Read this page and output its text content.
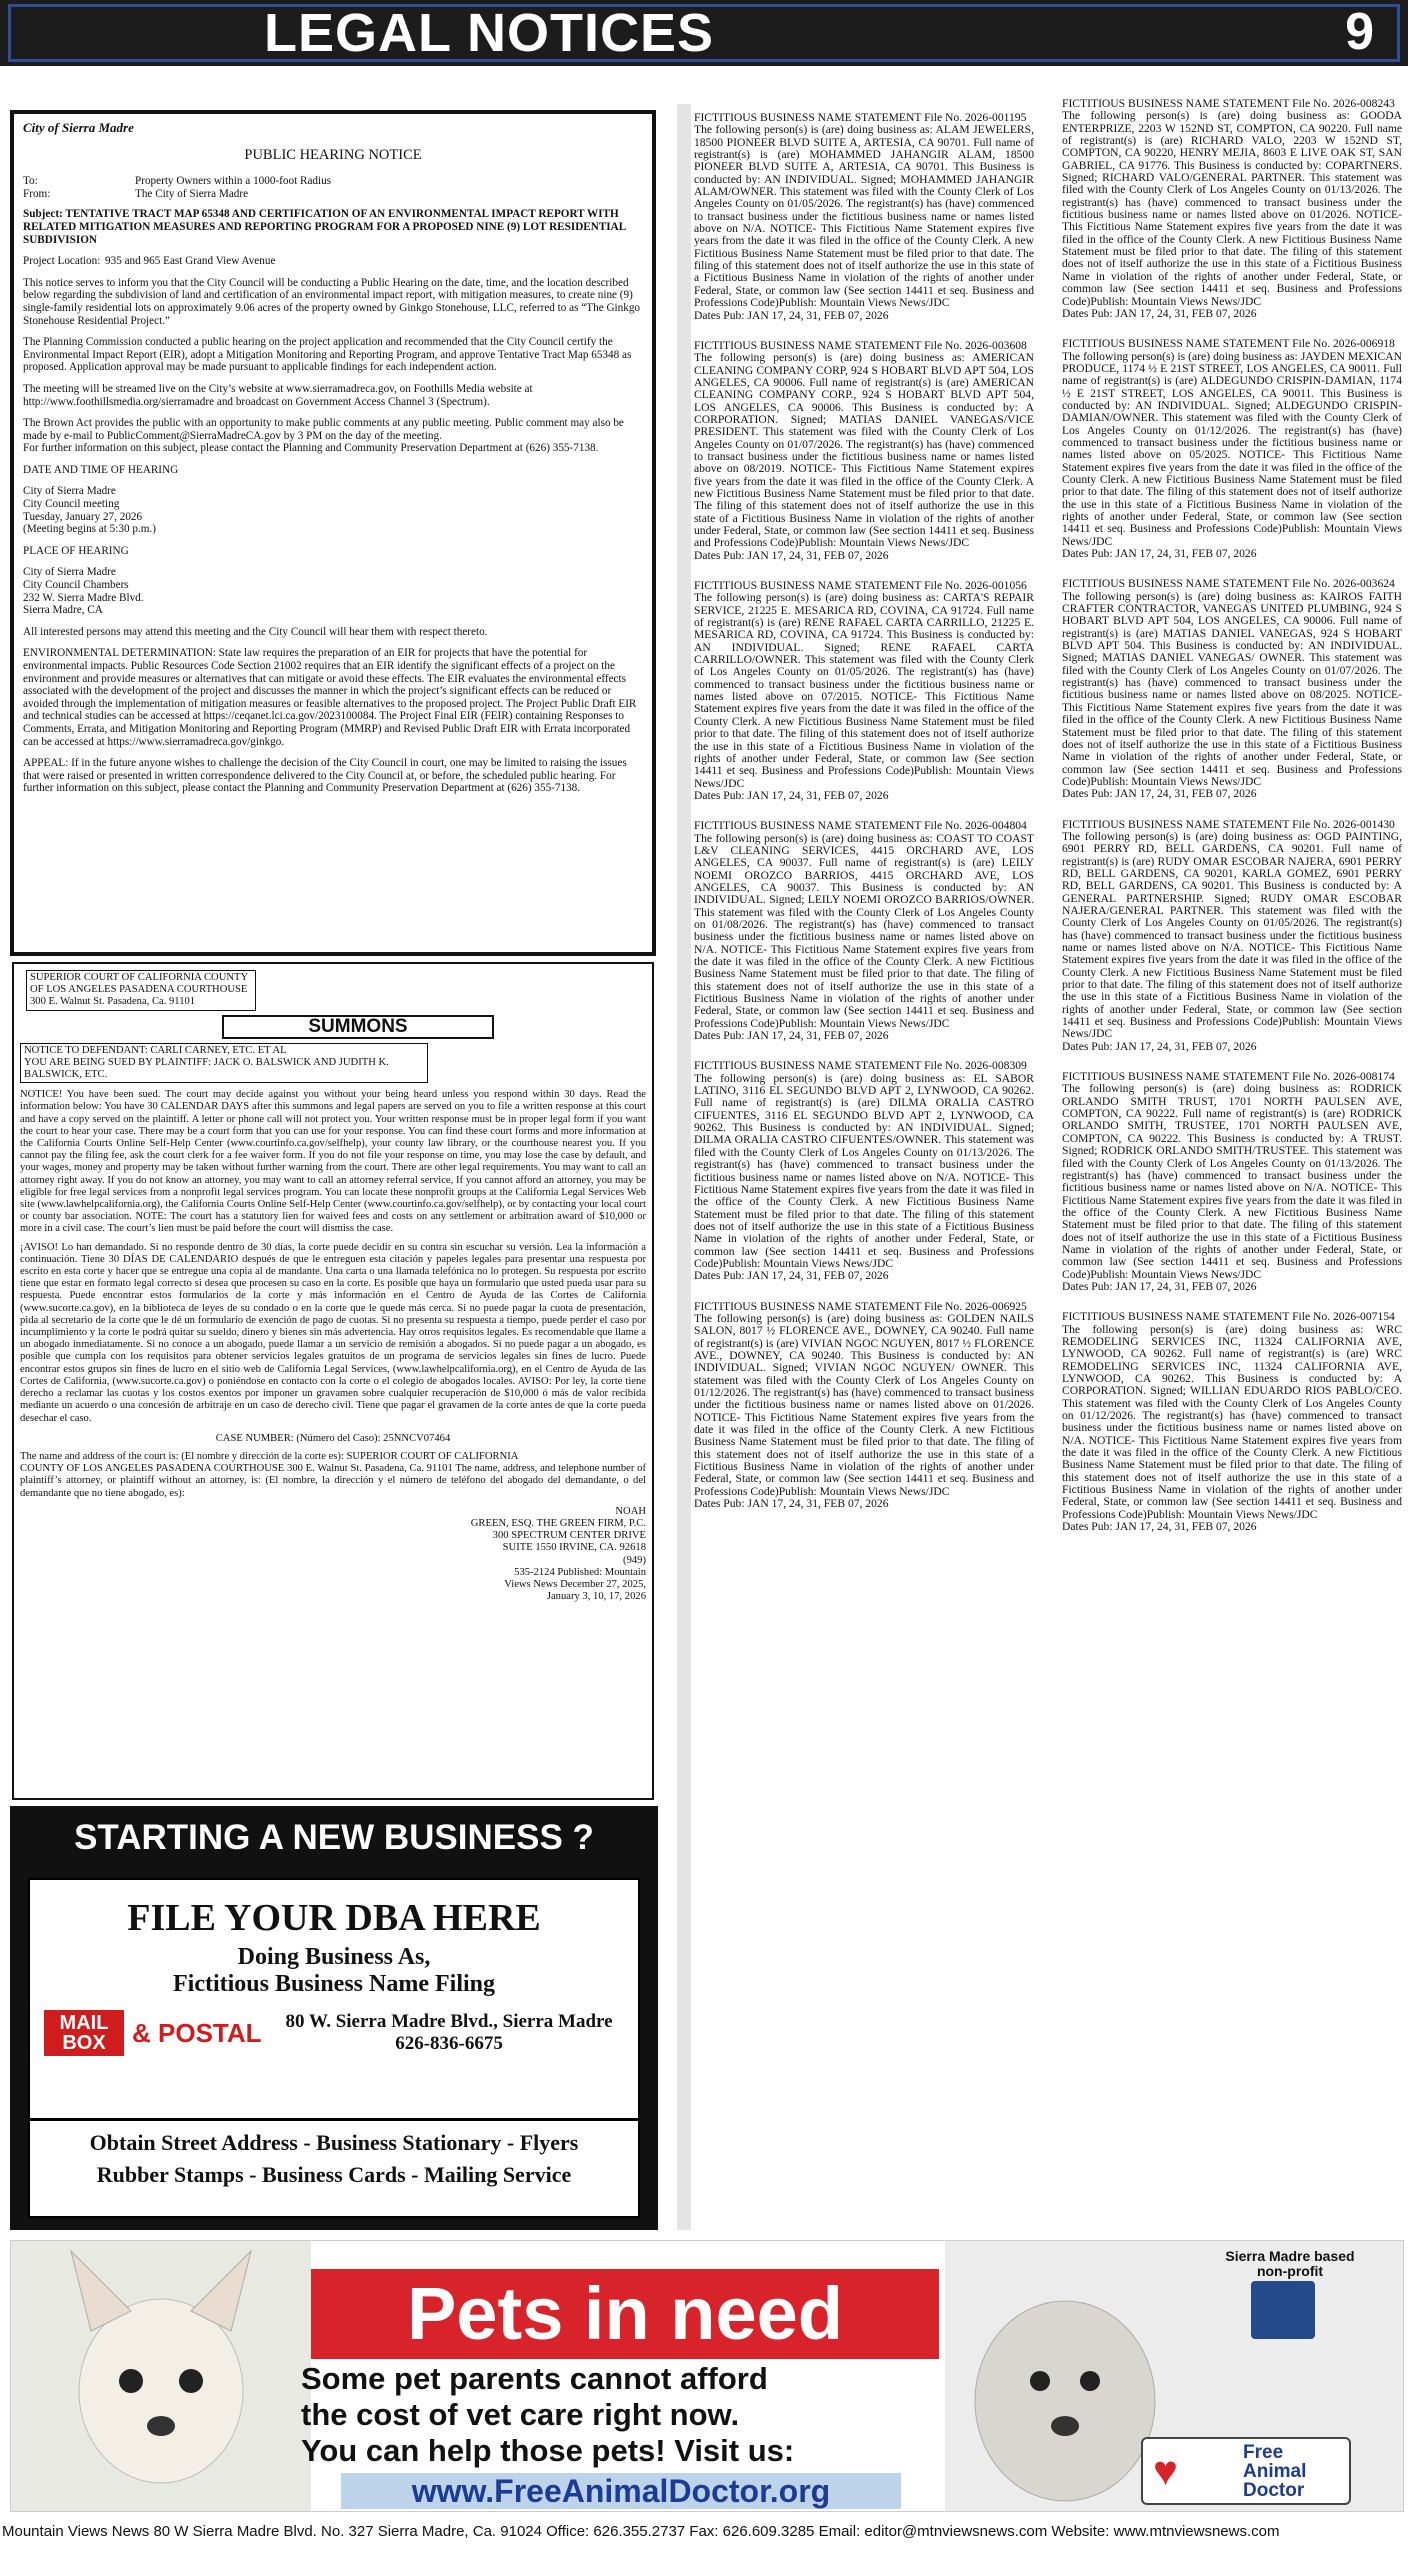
LEGAL NOTICES	9
City of Sierra Madre
PUBLIC HEARING NOTICE
To:	Property Owners within a 1000-foot Radius
From:	The City of Sierra Madre
Subject: TENTATIVE TRACT MAP 65348 AND CERTIFICATION OF AN ENVIRONMENTAL IMPACT REPORT WITH RELATED MITIGATION MEASURES AND REPORTING PROGRAM FOR A PROPOSED NINE (9) LOT RESIDENTIAL SUBDIVISION
Project Location: 935 and 965 East Grand View Avenue

This notice serves to inform you that the City Council will be conducting a Public Hearing on the date, time, and the location described below regarding the subdivision of land and certification of an environmental impact report, with mitigation measures, to create nine (9) single-family residential lots on approximately 9.06 acres of the property owned by Ginkgo Stonehouse, LLC, referred to as “The Ginkgo Stonehouse Residential Project.”

The Planning Commission conducted a public hearing on the project application and recommended that the City Council certify the Environmental Impact Report (EIR), adopt a Mitigation Monitoring and Reporting Program, and approve Tentative Tract Map 65348 as proposed. Application approval may be made pursuant to applicable findings for each independent action.

The meeting will be streamed live on the City’s website at www.sierramadreca.gov, on Foothills Media website at http://www.foothillsmedia.org/sierramadre and broadcast on Government Access Channel 3 (Spectrum).

The Brown Act provides the public with an opportunity to make public comments at any public meeting. Public comment may also be made by e-mail to PublicComment@SierraMadreCA.gov by 3 PM on the day of the meeting.
For further information on this subject, please contact the Planning and Community Preservation Department at (626) 355-7138.

DATE AND TIME OF HEARING

City of Sierra Madre
City Council meeting
Tuesday, January 27, 2026
(Meeting begins at 5:30 p.m.)

PLACE OF HEARING

City of Sierra Madre
City Council Chambers
232 W. Sierra Madre Blvd.
Sierra Madre, CA

All interested persons may attend this meeting and the City Council will hear them with respect thereto.

ENVIRONMENTAL DETERMINATION: State law requires the preparation of an EIR for projects that have the potential for environmental impacts. Public Resources Code Section 21002 requires that an EIR identify the significant effects of a project on the environment and provide measures or alternatives that can mitigate or avoid these effects. The EIR evaluates the environmental effects associated with the development of the project and discusses the manner in which the project’s significant effects can be reduced or avoided through the implementation of mitigation measures or feasible alternatives to the proposed project. The Project Public Draft EIR and technical studies can be accessed at https://ceqanet.lci.ca.gov/2023100084. The Project Final EIR (FEIR) containing Responses to Comments, Errata, and Mitigation Monitoring and Reporting Program (MMRP) and Revised Public Draft EIR with Errata incorporated can be accessed at https://www.sierramadreca.gov/ginkgo.

APPEAL: If in the future anyone wishes to challenge the decision of the City Council in court, one may be limited to raising the issues that were raised or presented in written correspondence delivered to the City Council at, or before, the scheduled public hearing. For further information on this subject, please contact the Planning and Community Preservation Department at (626) 355-7138.

SUPERIOR COURT OF CALIFORNIA COUNTY OF LOS ANGELES PASADENA COURTHOUSE 300 E. Walnut St. Pasadena, Ca. 91101
SUMMONS
NOTICE TO DEFENDANT: CARLI CARNEY, ETC. ET AL
YOU ARE BEING SUED BY PLAINTIFF: JACK O. BALSWICK AND JUDITH K. BALSWICK, ETC.

NOTICE! You have been sued. The court may decide against you without your being heard unless you respond within 30 days. Read the information below: You have 30 CALENDAR DAYS after this summons and legal papers are served on you to file a written response at this court and have a copy served on the plaintiff. A letter or phone call will not protect you. Your written response must be in proper legal form if you want the court to hear your case. There may be a court form that you can use for your response. You can find these court forms and more information at the California Courts Online Self-Help Center (www.courtinfo.ca.gov/selfhelp), your county law library, or the courthouse nearest you. If you cannot pay the filing fee, ask the court clerk for a fee waiver form. If you do not file your response on time, you may lose the case by default, and your wages, money and property may be taken without further warning from the court. There are other legal requirements. You may want to call an attorney right away. If you do not know an attorney, you may want to call an attorney referral service, If you cannot afford an attorney, you may be eligible for free legal services from a nonprofit legal services program. You can locate these nonprofit groups at the California Legal Services Web site (www.lawhelpcalifornia.org), the California Courts Online Self-Help Center (www.courtinfo.ca.gov/selfhelp), or by contacting your local court or county bar association. NOTE: The court has a statutory lien for waived fees and costs on any settlement or arbitration award of $10,000 or more in a civil case. The court’s lien must be paid before the court will dismiss the case.

¡AVISO! Lo han demandado. Si no responde dentro de 30 días, la corte puede decidir en su contra sin escuchar su versión. Lea la información a continuación. Tiene 30 DÍAS DE CALENDARIO después de que le entreguen esta citación y papeles legales para presentar una respuesta por escrito en esta corte y hacer que se entregue una copia al de mandante. Una carta o una llamada telefónica no lo protegen. Su respuesta por escrito tiene que estar en formato legal correcto si desea que procesen su caso en la corte. Es posible que haya un formulario que usted pueda usar para su respuesta. Puede encontrar estos formularios de la corte y más información en el Centro de Ayuda de las Cortes de California (www.sucorte.ca.gov), en la biblioteca de leyes de su condado o en la corte que le quede más cerca. Si no puede pagar la cuota de presentación, pida al secretario de la corte que le dé un formulario de exención de pago de cuotas. Si no presenta su respuesta a tiempo, puede perder el caso por incumplimiento y la corte le podrá quitar su sueldo, dinero y bienes sin más advertencia. Hay otros requisitos legales. Es recomendable que llame a un abogado inmediatamente. Si no conoce a un abogado, puede llamar a un servicio de remisión a abogados. Si no puede pagar a un abogado, es posible que cumpla con los requisitos para obtener servicios legales gratuitos de un programa de servicios legales sin fines de lucro. Puede encontrar estos grupos sin fines de lucro en el sitio web de California Legal Services, (www.lawhelpcalifornia.org), en el Centro de Ayuda de las Cortes de California, (www.sucorte.ca.gov) o poniéndose en contacto con la corte o el colegio de abogados locales. AVISO: Por ley, la corte tiene derecho a reclamar las cuotas y los costos exentos por imponer un gravamen sobre cualquier recuperación de $10,000 ó más de valor recibida mediante un acuerdo o una concesión de arbitraje en un caso de derecho civil. Tiene que pagar el gravamen de la corte antes de que la corte pueda desechar el caso.

CASE NUMBER: (Número del Caso): 25NNCV07464

The name and address of the court is: (El nombre y dirección de la corte es): SUPERIOR COURT OF CALIFORNIA
COUNTY OF LOS ANGELES PASADENA COURTHOUSE 300 E. Walnut St. Pasadena, Ca. 91101 The name, address, and telephone number of plaintiff’s attorney, or plaintiff without an attorney, is: (El nombre, la dirección y el número de teléfono del abogado del demandante, o del demandante que no tiene abogado, es):

NOAH
GREEN, ESQ. THE GREEN FIRM, P.C.
300 SPECTRUM CENTER DRIVE
SUITE 1550 IRVINE, CA. 92618
(949)
535-2124 Published: Mountain
Views News December 27, 2025,
January 3, 10, 17, 2026
STARTING A NEW BUSINESS ?
FILE YOUR DBA HERE
Doing Business As,
Fictitious Business Name Filing
MAIL BOX	& POSTAL 80 W. Sierra Madre Blvd., Sierra Madre
626-836-6675
Obtain Street Address - Business Stationary - Flyers
Rubber Stamps - Business Cards - Mailing Service
FICTITIOUS BUSINESS NAME STATEMENT File No. 2026-001195
The following person(s) is (are) doing business as: ALAM JEWELERS, 18500 PIONEER BLVD SUITE A, ARTESIA, CA 90701. Full name of registrant(s) is (are) MOHAMMED JAHANGIR ALAM, 18500 PIONEER BLVD SUITE A, ARTESIA, CA 90701. This Business is conducted by: AN INDIVIDUAL. Signed; MOHAMMED JAHANGIR ALAM/OWNER. This statement was filed with the County Clerk of Los Angeles County on 01/05/2026. The registrant(s) has (have) commenced to transact business under the fictitious business name or names listed above on N/A. NOTICE- This Fictitious Name Statement expires five years from the date it was filed in the office of the County Clerk. A new Fictitious Business Name Statement must be filed prior to that date. The filing of this statement does not of itself authorize the use in this state of a Fictitious Business Name in violation of the rights of another under Federal, State, or common law (See section 14411 et seq. Business and Professions Code)Publish: Mountain Views News/JDC
Dates Pub: JAN 17, 24, 31, FEB 07, 2026
FICTITIOUS BUSINESS NAME STATEMENT File No. 2026-003608
The following person(s) is (are) doing business as: AMERICAN CLEANING COMPANY CORP, 924 S HOBART BLVD APT 504, LOS ANGELES, CA 90006. Full name of registrant(s) is (are) AMERICAN CLEANING COMPANY CORP., 924 S HOBART BLVD APT 504, LOS ANGELES, CA 90006. This Business is conducted by: A CORPORATION. Signed; MATIAS DANIEL VANEGAS/VICE PRESIDENT. This statement was filed with the County Clerk of Los Angeles County on 01/07/2026. The registrant(s) has (have) commenced to transact business under the fictitious business name or names listed above on 08/2019. NOTICE- This Fictitious Name Statement expires five years from the date it was filed in the office of the County Clerk. A new Fictitious Business Name Statement must be filed prior to that date. The filing of this statement does not of itself authorize the use in this state of a Fictitious Business Name in violation of the rights of another under Federal, State, or common law (See section 14411 et seq. Business and Professions Code)Publish: Mountain Views News/JDC
Dates Pub: JAN 17, 24, 31, FEB 07, 2026
FICTITIOUS BUSINESS NAME STATEMENT File No. 2026-001056
The following person(s) is (are) doing business as: CARTA'S REPAIR SERVICE, 21225 E. MESARICA RD, COVINA, CA 91724. Full name of registrant(s) is (are) RENE RAFAEL CARTA CARRILLO, 21225 E. MESARICA RD, COVINA, CA 91724. This Business is conducted by: AN INDIVIDUAL. Signed; RENE RAFAEL CARTA CARRILLO/OWNER. This statement was filed with the County Clerk of Los Angeles County on 01/05/2026. The registrant(s) has (have) commenced to transact business under the fictitious business name or names listed above on 07/2015. NOTICE- This Fictitious Name Statement expires five years from the date it was filed in the office of the County Clerk. A new Fictitious Business Name Statement must be filed prior to that date. The filing of this statement does not of itself authorize the use in this state of a Fictitious Business Name in violation of the rights of another under Federal, State, or common law (See section 14411 et seq. Business and Professions Code)Publish: Mountain Views News/JDC
Dates Pub: JAN 17, 24, 31, FEB 07, 2026
FICTITIOUS BUSINESS NAME STATEMENT File No. 2026-004804
The following person(s) is (are) doing business as: COAST TO COAST L&V CLEANING SERVICES, 4415 ORCHARD AVE, LOS ANGELES, CA 90037. Full name of registrant(s) is (are) LEILY NOEMI OROZCO BARRIOS, 4415 ORCHARD AVE, LOS ANGELES, CA 90037. This Business is conducted by: AN INDIVIDUAL. Signed; LEILY NOEMI OROZCO BARRIOS/OWNER. This statement was filed with the County Clerk of Los Angeles County on 01/08/2026. The registrant(s) has (have) commenced to transact business under the fictitious business name or names listed above on N/A. NOTICE- This Fictitious Name Statement expires five years from the date it was filed in the office of the County Clerk. A new Fictitious Business Name Statement must be filed prior to that date. The filing of this statement does not of itself authorize the use in this state of a Fictitious Business Name in violation of the rights of another under Federal, State, or common law (See section 14411 et seq. Business and Professions Code)Publish: Mountain Views News/JDC
Dates Pub: JAN 17, 24, 31, FEB 07, 2026
FICTITIOUS BUSINESS NAME STATEMENT File No. 2026-008309
The following person(s) is (are) doing business as: EL SABOR LATINO, 3116 EL SEGUNDO BLVD APT 2, LYNWOOD, CA 90262. Full name of registrant(s) is (are) DILMA ORALIA CASTRO CIFUENTES, 3116 EL SEGUNDO BLVD APT 2, LYNWOOD, CA 90262. This Business is conducted by: AN INDIVIDUAL. Signed; DILMA ORALIA CASTRO CIFUENTES/OWNER. This statement was filed with the County Clerk of Los Angeles County on 01/13/2026. The registrant(s) has (have) commenced to transact business under the fictitious business name or names listed above on N/A. NOTICE- This Fictitious Name Statement expires five years from the date it was filed in the office of the County Clerk. A new Fictitious Business Name Statement must be filed prior to that date. The filing of this statement does not of itself authorize the use in this state of a Fictitious Business Name in violation of the rights of another under Federal, State, or common law (See section 14411 et seq. Business and Professions Code)Publish: Mountain Views News/JDC
Dates Pub: JAN 17, 24, 31, FEB 07, 2026
FICTITIOUS BUSINESS NAME STATEMENT File No. 2026-006925
The following person(s) is (are) doing business as: GOLDEN NAILS SALON, 8017 ½ FLORENCE AVE., DOWNEY, CA 90240. Full name of registrant(s) is (are) VIVIAN NGOC NGUYEN, 8017 ½ FLORENCE AVE., DOWNEY, CA 90240. This Business is conducted by: AN INDIVIDUAL. Signed; VIVIAN NGOC NGUYEN/ OWNER. This statement was filed with the County Clerk of Los Angeles County on 01/12/2026. The registrant(s) has (have) commenced to transact business under the fictitious business name or names listed above on 01/2026. NOTICE- This Fictitious Name Statement expires five years from the date it was filed in the office of the County Clerk. A new Fictitious Business Name Statement must be filed prior to that date. The filing of this statement does not of itself authorize the use in this state of a Fictitious Business Name in violation of the rights of another under Federal, State, or common law (See section 14411 et seq. Business and Professions Code)Publish: Mountain Views News/JDC
Dates Pub: JAN 17, 24, 31, FEB 07, 2026
FICTITIOUS BUSINESS NAME STATEMENT File No. 2026-008243
The following person(s) is (are) doing business as: GOODA ENTERPRIZE, 2203 W 152ND ST, COMPTON, CA 90220. Full name of registrant(s) is (are) RICHARD VALO, 2203 W 152ND ST, COMPTON, CA 90220, HENRY MEJIA, 8603 E LIVE OAK ST, SAN GABRIEL, CA 91776. This Business is conducted by: COPARTNERS. Signed; RICHARD VALO/GENERAL PARTNER. This statement was filed with the County Clerk of Los Angeles County on 01/13/2026. The registrant(s) has (have) commenced to transact business under the fictitious business name or names listed above on 01/2026. NOTICE- This Fictitious Name Statement expires five years from the date it was filed in the office of the County Clerk. A new Fictitious Business Name Statement must be filed prior to that date. The filing of this statement does not of itself authorize the use in this state of a Fictitious Business Name in violation of the rights of another under Federal, State, or common law (See section 14411 et seq. Business and Professions Code)Publish: Mountain Views News/JDC
Dates Pub: JAN 17, 24, 31, FEB 07, 2026
FICTITIOUS BUSINESS NAME STATEMENT File No. 2026-006918
The following person(s) is (are) doing business as: JAYDEN MEXICAN PRODUCE, 1174 ½ E 21ST STREET, LOS ANGELES, CA 90011. Full name of registrant(s) is (are) ALDEGUNDO CRISPIN-DAMIAN, 1174 ½ E 21ST STREET, LOS ANGELES, CA 90011. This Business is conducted by: AN INDIVIDUAL. Signed; ALDEGUNDO CRISPIN-DAMIAN/OWNER. This statement was filed with the County Clerk of Los Angeles County on 01/12/2026. The registrant(s) has (have) commenced to transact business under the fictitious business name or names listed above on 05/2025. NOTICE- This Fictitious Name Statement expires five years from the date it was filed in the office of the County Clerk. A new Fictitious Business Name Statement must be filed prior to that date. The filing of this statement does not of itself authorize the use in this state of a Fictitious Business Name in violation of the rights of another under Federal, State, or common law (See section 14411 et seq. Business and Professions Code)Publish: Mountain Views News/JDC
Dates Pub: JAN 17, 24, 31, FEB 07, 2026
FICTITIOUS BUSINESS NAME STATEMENT File No. 2026-003624
The following person(s) is (are) doing business as: KAIROS FAITH CRAFTER CONTRACTOR, VANEGAS UNITED PLUMBING, 924 S HOBART BLVD APT 504, LOS ANGELES, CA 90006. Full name of registrant(s) is (are) MATIAS DANIEL VANEGAS, 924 S HOBART BLVD APT 504. This Business is conducted by: AN INDIVIDUAL. Signed; MATIAS DANIEL VANEGAS/ OWNER. This statement was filed with the County Clerk of Los Angeles County on 01/07/2026. The registrant(s) has (have) commenced to transact business under the fictitious business name or names listed above on 08/2025. NOTICE- This Fictitious Name Statement expires five years from the date it was filed in the office of the County Clerk. A new Fictitious Business Name Statement must be filed prior to that date. The filing of this statement does not of itself authorize the use in this state of a Fictitious Business Name in violation of the rights of another under Federal, State, or common law (See section 14411 et seq. Business and Professions Code)Publish: Mountain Views News/JDC
Dates Pub: JAN 17, 24, 31, FEB 07, 2026
FICTITIOUS BUSINESS NAME STATEMENT File No. 2026-001430
The following person(s) is (are) doing business as: OGD PAINTING, 6901 PERRY RD, BELL GARDENS, CA 90201. Full name of registrant(s) is (are) RUDY OMAR ESCOBAR NAJERA, 6901 PERRY RD, BELL GARDENS, CA 90201, KARLA GOMEZ, 6901 PERRY RD, BELL GARDENS, CA 90201. This Business is conducted by: A GENERAL PARTNERSHIP. Signed; RUDY OMAR ESCOBAR NAJERA/GENERAL PARTNER. This statement was filed with the County Clerk of Los Angeles County on 01/05/2026. The registrant(s) has (have) commenced to transact business under the fictitious business name or names listed above on N/A. NOTICE- This Fictitious Name Statement expires five years from the date it was filed in the office of the County Clerk. A new Fictitious Business Name Statement must be filed prior to that date. The filing of this statement does not of itself authorize the use in this state of a Fictitious Business Name in violation of the rights of another under Federal, State, or common law (See section 14411 et seq. Business and Professions Code)Publish: Mountain Views News/JDC
Dates Pub: JAN 17, 24, 31, FEB 07, 2026
FICTITIOUS BUSINESS NAME STATEMENT File No. 2026-008174
The following person(s) is (are) doing business as: RODRICK ORLANDO SMITH TRUST, 1701 NORTH PAULSEN AVE, COMPTON, CA 90222. Full name of registrant(s) is (are) RODRICK ORLANDO SMITH, TRUSTEE, 1701 NORTH PAULSEN AVE, COMPTON, CA 90222. This Business is conducted by: A TRUST. Signed; RODRICK ORLANDO SMITH/TRUSTEE. This statement was filed with the County Clerk of Los Angeles County on 01/13/2026. The registrant(s) has (have) commenced to transact business under the fictitious business name or names listed above on N/A. NOTICE- This Fictitious Name Statement expires five years from the date it was filed in the office of the County Clerk. A new Fictitious Business Name Statement must be filed prior to that date. The filing of this statement does not of itself authorize the use in this state of a Fictitious Business Name in violation of the rights of another under Federal, State, or common law (See section 14411 et seq. Business and Professions Code)Publish: Mountain Views News/JDC
Dates Pub: JAN 17, 24, 31, FEB 07, 2026
FICTITIOUS BUSINESS NAME STATEMENT File No. 2026-007154
The following person(s) is (are) doing business as: WRC REMODELING SERVICES INC, 11324 CALIFORNIA AVE, LYNWOOD, CA 90262. Full name of registrant(s) is (are) WRC REMODELING SERVICES INC, 11324 CALIFORNIA AVE, LYNWOOD, CA 90262. This Business is conducted by: A CORPORATION. Signed; WILLIAN EDUARDO RIOS PABLO/CEO. This statement was filed with the County Clerk of Los Angeles County on 01/12/2026. The registrant(s) has (have) commenced to transact business under the fictitious business name or names listed above on N/A. NOTICE- This Fictitious Name Statement expires five years from the date it was filed in the office of the County Clerk. A new Fictitious Business Name Statement must be filed prior to that date. The filing of this statement does not of itself authorize the use in this state of a Fictitious Business Name in violation of the rights of another under Federal, State, or common law (See section 14411 et seq. Business and Professions Code)Publish: Mountain Views News/JDC
Dates Pub: JAN 17, 24, 31, FEB 07, 2026
Pets in need
Some pet parents cannot afford
the cost of vet care right now.
You can help those pets! Visit us:
www.FreeAnimalDoctor.org
Sierra Madre based non-profit
♥	Free Animal Doctor
Mountain Views News 80 W Sierra Madre Blvd. No. 327 Sierra Madre, Ca. 91024 Office: 626.355.2737 Fax: 626.609.3285 Email: editor@mtnviewsnews.com Website: www.mtnviewsnews.com
